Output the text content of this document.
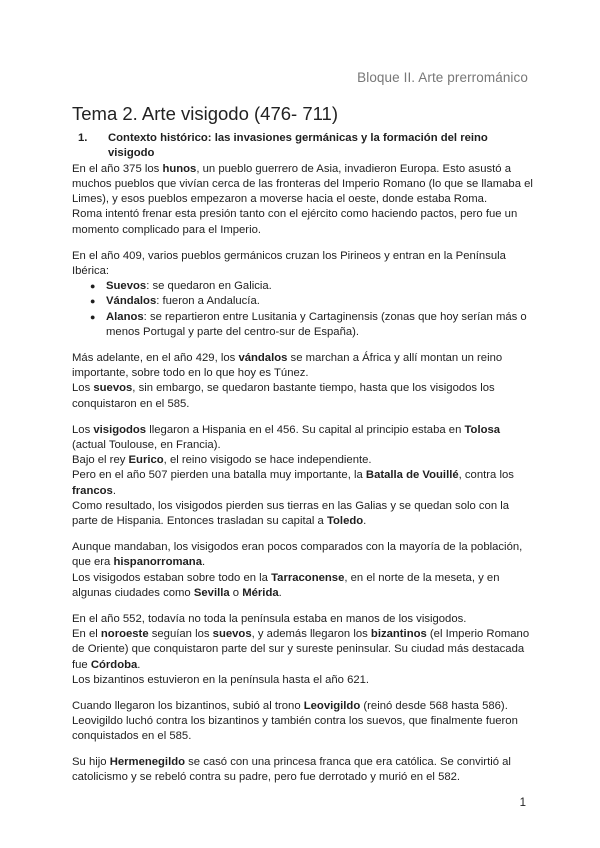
Bloque II. Arte prerrománico
Tema 2. Arte visigodo (476- 711)
1.	Contexto histórico: las invasiones germánicas y la formación del reino visigodo

En el año 375 los hunos, un pueblo guerrero de Asia, invadieron Europa. Esto asustó a muchos pueblos que vivían cerca de las fronteras del Imperio Romano (lo que se llamaba el Limes), y esos pueblos empezaron a moverse hacia el oeste, donde estaba Roma.
Roma intentó frenar esta presión tanto con el ejército como haciendo pactos, pero fue un momento complicado para el Imperio.

En el año 409, varios pueblos germánicos cruzan los Pirineos y entran en la Península Ibérica:

● Suevos: se quedaron en Galicia.
● Vándalos: fueron a Andalucía.
● Alanos: se repartieron entre Lusitania y Cartaginensis (zonas que hoy serían más o menos Portugal y parte del centro-sur de España).

Más adelante, en el año 429, los vándalos se marchan a África y allí montan un reino importante, sobre todo en lo que hoy es Túnez.
Los suevos, sin embargo, se quedaron bastante tiempo, hasta que los visigodos los conquistaron en el 585.

Los visigodos llegaron a Hispania en el 456. Su capital al principio estaba en Tolosa (actual Toulouse, en Francia).
Bajo el rey Eurico, el reino visigodo se hace independiente.
Pero en el año 507 pierden una batalla muy importante, la Batalla de Vouillé, contra los francos.
Como resultado, los visigodos pierden sus tierras en las Galias y se quedan solo con la parte de Hispania. Entonces trasladan su capital a Toledo.

Aunque mandaban, los visigodos eran pocos comparados con la mayoría de la población, que era hispanorromana.
Los visigodos estaban sobre todo en la Tarraconense, en el norte de la meseta, y en algunas ciudades como Sevilla o Mérida.

En el año 552, todavía no toda la península estaba en manos de los visigodos.
En el noroeste seguían los suevos, y además llegaron los bizantinos (el Imperio Romano de Oriente) que conquistaron parte del sur y sureste peninsular. Su ciudad más destacada fue Córdoba.
Los bizantinos estuvieron en la península hasta el año 621.

Cuando llegaron los bizantinos, subió al trono Leovigildo (reinó desde 568 hasta 586). Leovigildo luchó contra los bizantinos y también contra los suevos, que finalmente fueron conquistados en el 585.

Su hijo Hermenegildo se casó con una princesa franca que era católica. Se convirtió al catolicismo y se rebeló contra su padre, pero fue derrotado y murió en el 582.

1
